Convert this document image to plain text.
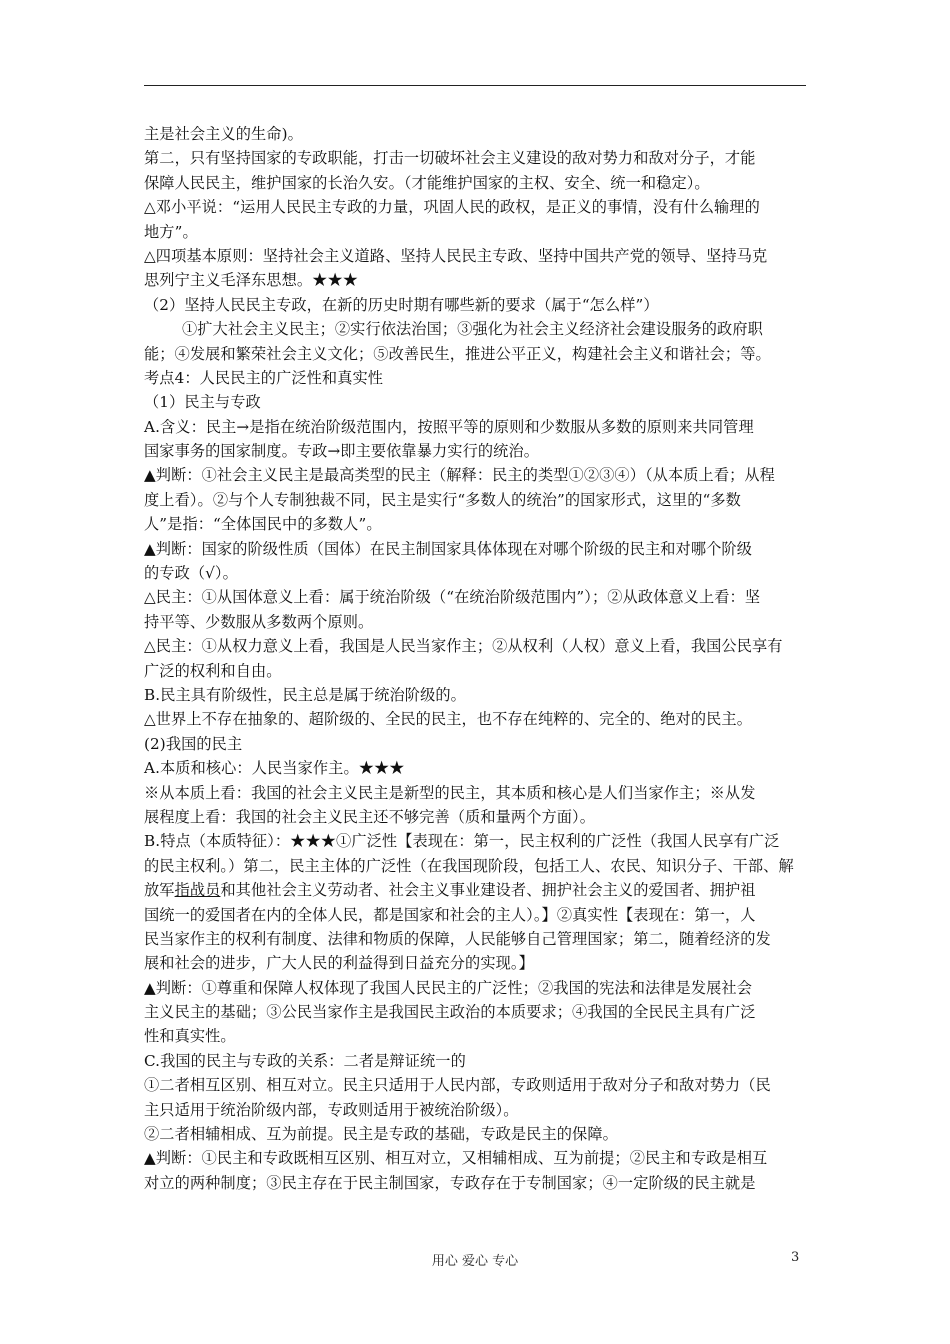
主是社会主义的生命)。
第二，只有坚持国家的专政职能，打击一切破坏社会主义建设的敌对势力和敌对分子，才能
保障人民民主，维护国家的长治久安。（才能维护国家的主权、安全、统一和稳定）。
△邓小平说：“运用人民民主专政的力量，巩固人民的政权，是正义的事情，没有什么输理的
地方”。
△四项基本原则：坚持社会主义道路、坚持人民民主专政、坚持中国共产党的领导、坚持马克
思列宁主义毛泽东思想。★★★
（2）坚持人民民主专政，在新的历史时期有哪些新的要求（属于“怎么样”）
①扩大社会主义民主；②实行依法治国；③强化为社会主义经济社会建设服务的政府职
能；④发展和繁荣社会主义文化；⑤改善民生，推进公平正义，构建社会主义和谐社会；等。
考点4：人民民主的广泛性和真实性
（1）民主与专政
A.含义：民主→是指在统治阶级范围内，按照平等的原则和少数服从多数的原则来共同管理
国家事务的国家制度。专政→即主要依靠暴力实行的统治。
▲判断：①社会主义民主是最高类型的民主（解释：民主的类型①②③④）（从本质上看；从程
度上看）。②与个人专制独裁不同，民主是实行“多数人的统治”的国家形式，这里的“多数
人”是指：“全体国民中的多数人”。
▲判断：国家的阶级性质（国体）在民主制国家具体体现在对哪个阶级的民主和对哪个阶级
的专政（√）。
△民主：①从国体意义上看：属于统治阶级（“在统治阶级范围内”）；②从政体意义上看：坚
持平等、少数服从多数两个原则。
△民主：①从权力意义上看，我国是人民当家作主；②从权利（人权）意义上看，我国公民享有
广泛的权利和自由。
B.民主具有阶级性，民主总是属于统治阶级的。
△世界上不存在抽象的、超阶级的、全民的民主，也不存在纯粹的、完全的、绝对的民主。
(2)我国的民主
A.本质和核心：人民当家作主。★★★
※从本质上看：我国的社会主义民主是新型的民主，其本质和核心是人们当家作主；※从发
展程度上看：我国的社会主义民主还不够完善（质和量两个方面）。
B.特点（本质特征）：★★★①广泛性【表现在：第一，民主权利的广泛性（我国人民享有广泛
的民主权利。）第二，民主主体的广泛性（在我国现阶段，包括工人、农民、知识分子、干部、解
放军指战员和其他社会主义劳动者、社会主义事业建设者、拥护社会主义的爱国者、拥护祖
国统一的爱国者在内的全体人民，都是国家和社会的主人）。】②真实性【表现在：第一，人
民当家作主的权利有制度、法律和物质的保障，人民能够自己管理国家；第二，随着经济的发
展和社会的进步，广大人民的利益得到日益充分的实现。】
▲判断：①尊重和保障人权体现了我国人民民主的广泛性；②我国的宪法和法律是发展社会
主义民主的基础；③公民当家作主是我国民主政治的本质要求；④我国的全民民主具有广泛
性和真实性。
C.我国的民主与专政的关系：二者是辩证统一的
①二者相互区别、相互对立。民主只适用于人民内部，专政则适用于敌对分子和敌对势力（民
主只适用于统治阶级内部，专政则适用于被统治阶级）。
②二者相辅相成、互为前提。民主是专政的基础，专政是民主的保障。
▲判断：①民主和专政既相互区别、相互对立，又相辅相成、互为前提；②民主和专政是相互
对立的两种制度；③民主存在于民主制国家，专政存在于专制国家；④一定阶级的民主就是
用心 爱心 专心	3
